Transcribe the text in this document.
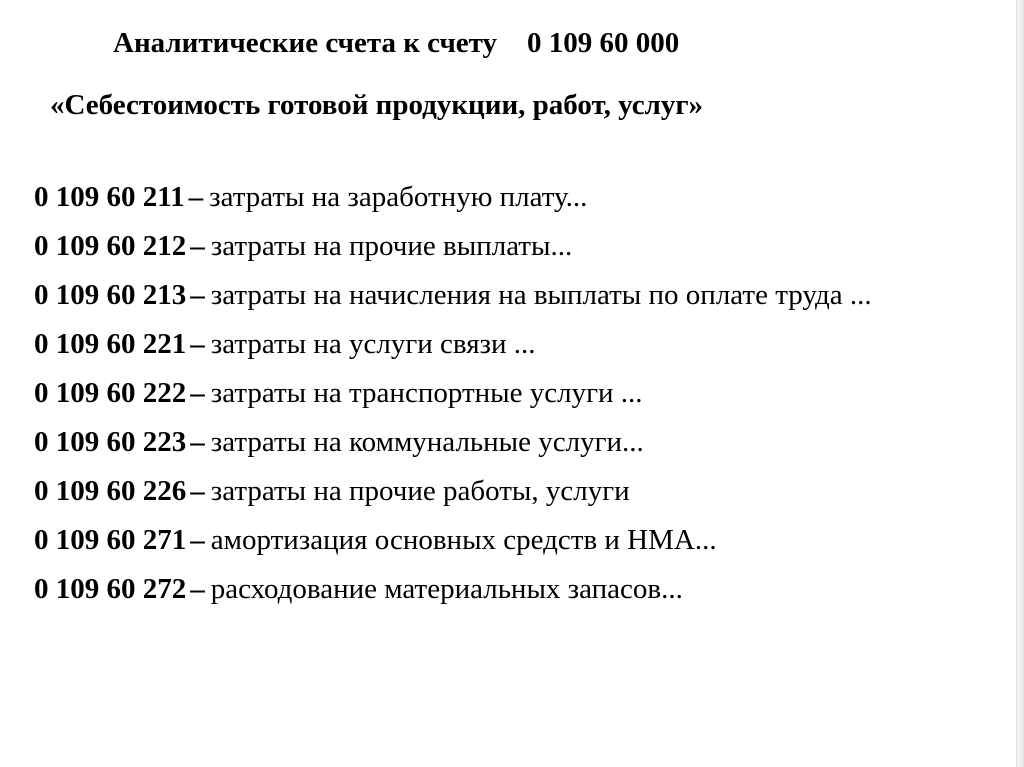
Аналитические счета к счету 0 109 60 000
«Себестоимость готовой продукции, работ, услуг»
0 109 60 211 – затраты на заработную плату...
0 109 60 212 – затраты на прочие выплаты...
0 109 60 213 – затраты на начисления на выплаты по оплате труда ...
0 109 60 221 – затраты на услуги связи ...
0 109 60 222 – затраты на транспортные услуги ...
0 109 60 223 – затраты на коммунальные услуги...
0 109 60 226 – затраты на прочие работы, услуги
0 109 60 271 – амортизация основных средств и НМА...
0 109 60 272 – расходование материальных запасов...
